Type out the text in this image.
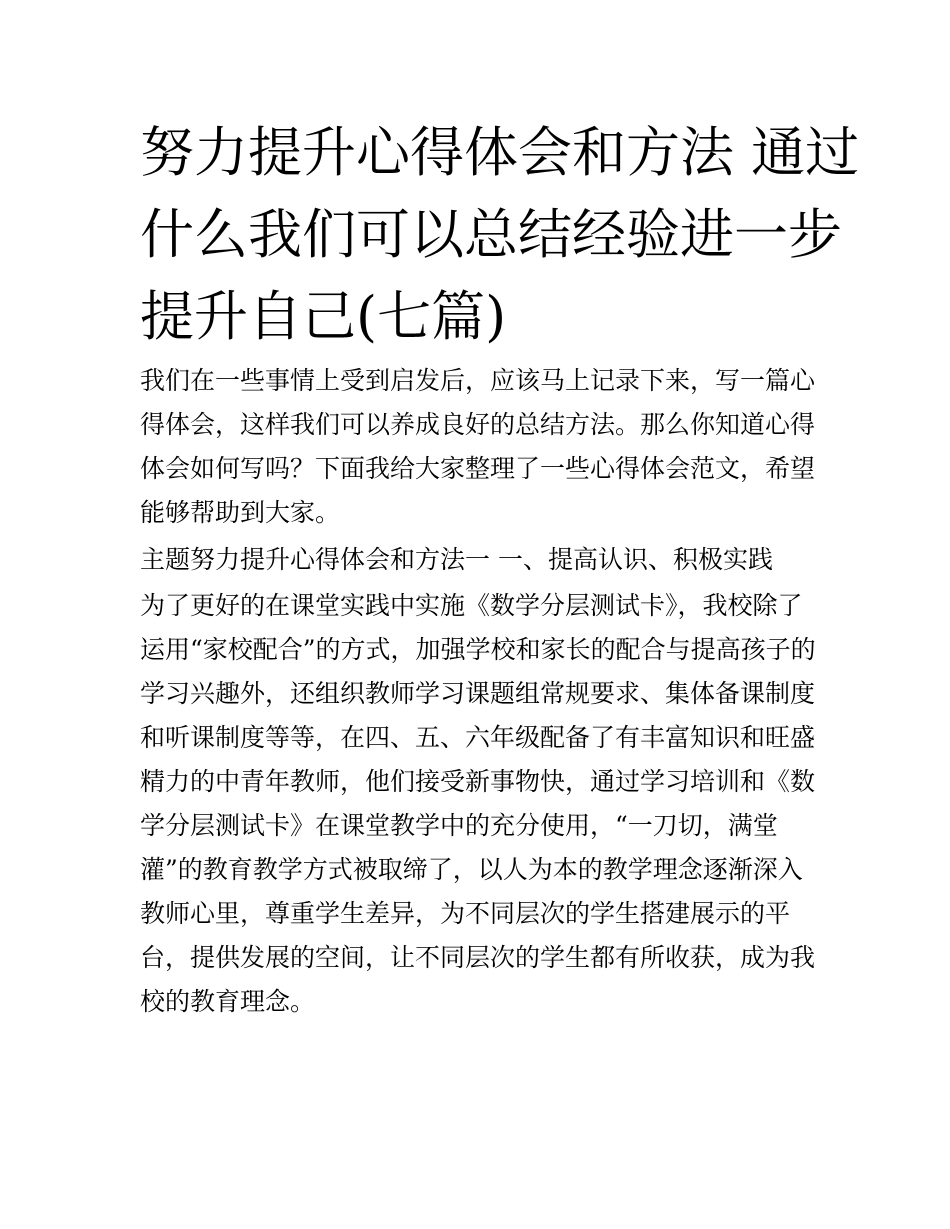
努力提升心得体会和方法 通过
什么我们可以总结经验进一步
提升自己(七篇)
我们在一些事情上受到启发后，应该马上记录下来，写一篇心
得体会，这样我们可以养成良好的总结方法。那么你知道心得
体会如何写吗？下面我给大家整理了一些心得体会范文，希望
能够帮助到大家。
主题努力提升心得体会和方法一 一、提高认识、积极实践
为了更好的在课堂实践中实施《数学分层测试卡》，我校除了
运用“家校配合”的方式，加强学校和家长的配合与提高孩子的
学习兴趣外，还组织教师学习课题组常规要求、集体备课制度
和听课制度等等，在四、五、六年级配备了有丰富知识和旺盛
精力的中青年教师，他们接受新事物快，通过学习培训和《数
学分层测试卡》在课堂教学中的充分使用，“一刀切，满堂
灌”的教育教学方式被取缔了，以人为本的教学理念逐渐深入
教师心里，尊重学生差异，为不同层次的学生搭建展示的平
台，提供发展的空间，让不同层次的学生都有所收获，成为我
校的教育理念。
